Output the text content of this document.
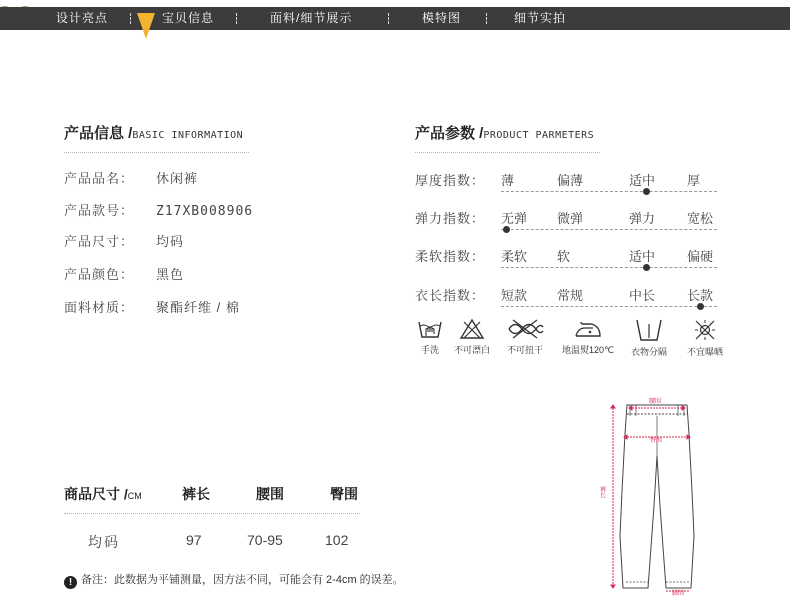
设计亮点	宝贝信息	面料/细节展示	模特图	细节实拍
产品信息 /BASIC INFORMATION
产品品名： 休闲裤
产品款号： Z17XB008906
产品尺寸： 均码
产品颜色： 黑色
面料材质： 聚酯纤维 / 棉
产品参数 /PRODUCT PARMETERS
厚度指数： 薄	偏薄	适中 厚
弹力指数： 无弹 微弹	弹力 宽松
柔软指数： 柔软 软	适中 偏硬
衣长指数： 短款 常规	中长 长款
手洗	不可漂白	不可扭干	地温熨120℃	衣物分隔	不宜曝晒
腰围
臀围
裤长
脚围
商品尺寸 /CM	裤长	腰围	臀围
均码	97	70-95	102
! 备注：此数据为平铺测量，因方法不同，可能会有 2-4cm 的误差。
